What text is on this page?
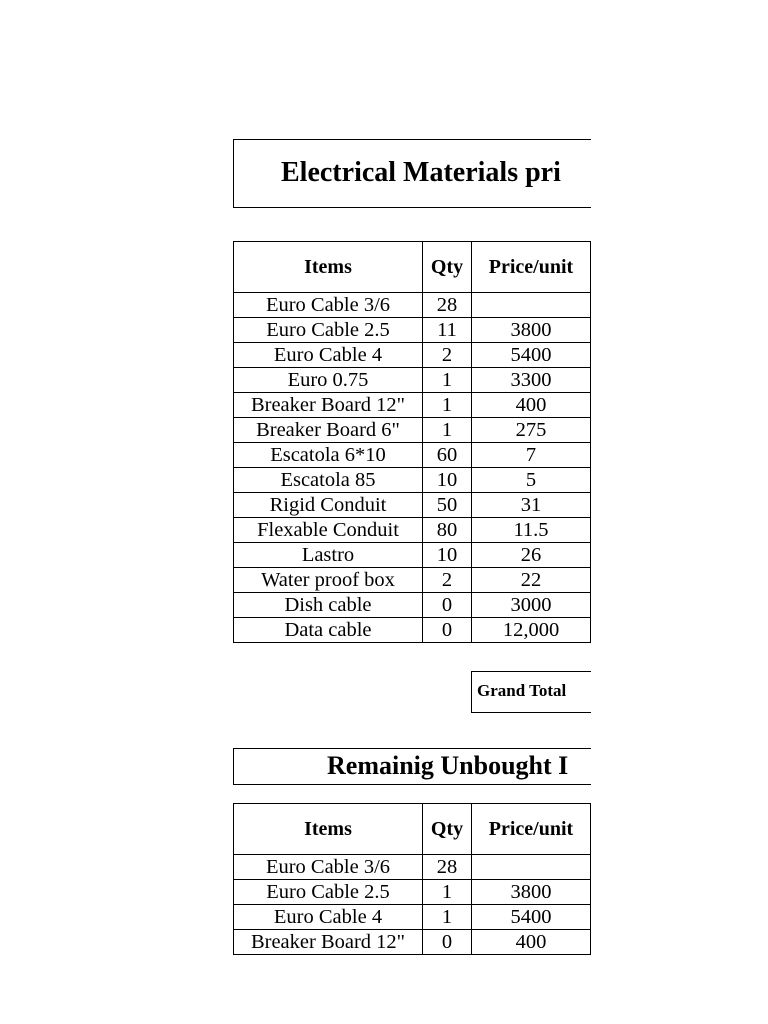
Electrical Materials pri
Items	Qty	Price/unit	
Euro Cable 3/6	28		
Euro Cable 2.5	11	3800	
Euro Cable 4	2	5400	
Euro 0.75	1	3300	
Breaker Board 12"	1	400	
Breaker Board 6"	1	275	
Escatola 6*10	60	7	
Escatola 85	10	5	
Rigid Conduit	50	31	
Flexable Conduit	80	11.5	
Lastro	10	26	
Water proof box	2	22	
Dish cable	0	3000	
Data cable	0	12,000	
Grand Total
Remainig Unbought I
Items	Qty	Price/unit	
Euro Cable 3/6	28		
Euro Cable 2.5	1	3800	
Euro Cable 4	1	5400	
Breaker Board 12"	0	400	
